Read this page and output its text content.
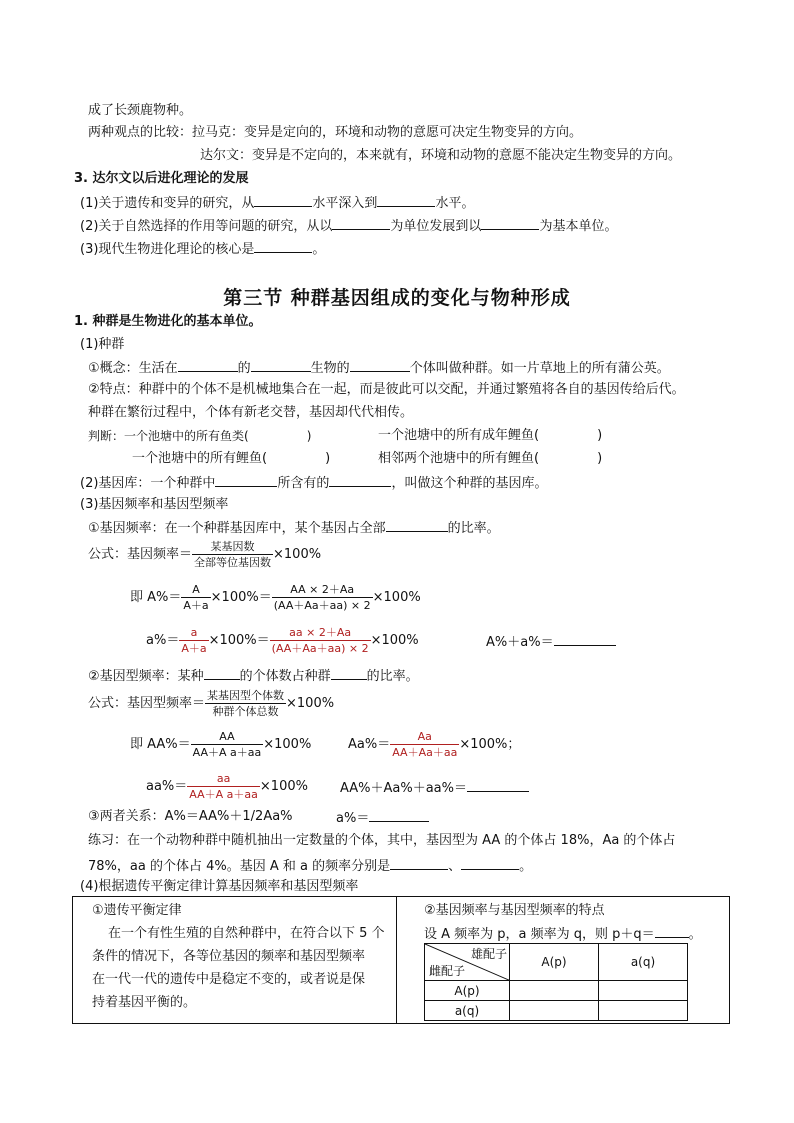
成了长颈鹿物种。
两种观点的比较：拉马克：变异是定向的，环境和动物的意愿可决定生物变异的方向。
达尔文：变异是不定向的，本来就有，环境和动物的意愿不能决定生物变异的方向。
3. 达尔文以后进化理论的发展
(1)关于遗传和变异的研究，从	水平深入到	水平。
(2)关于自然选择的作用等问题的研究，从以	为单位发展到以	为基本单位。
(3)现代生物进化理论的核心是	。
第三节 种群基因组成的变化与物种形成
1. 种群是生物进化的基本单位。
(1)种群
①概念：生活在	的	生物的	个体叫做种群。如一片草地上的所有蒲公英。
②特点：种群中的个体不是机械地集合在一起，而是彼此可以交配，并通过繁殖将各自的基因传给后代。
种群在繁衍过程中，个体有新老交替，基因却代代相传。
判断：一个池塘中的所有鱼类(	)	一个池塘中的所有成年鲤鱼(	)
一个池塘中的所有鲤鱼(	)	相邻两个池塘中的所有鲤鱼(	)
(2)基因库：一个种群中	所含有的	，叫做这个种群的基因库。
(3)基因频率和基因型频率
①基因频率：在一个种群基因库中，某个基因占全部	的比率。
公式：基因频率＝ $\frac{\text{某基因数}}{\text{全部等位基因数}} \times 100\%$
即 $A\%= \frac{A}{A+a} \times 100\%= \frac{AA \times 2+Aa}{(AA+Aa+aa) \times 2} \times 100\%$
$a\%= \frac{a}{A+a} \times 100\%= \frac{aa \times 2+Aa}{(AA+Aa+aa) \times 2} \times 100\%$	A%＋a%＝
②基因型频率：某种	的个体数占种群	的比率。
公式：基因型频率＝ $\frac{\text{某基因型个体数}}{\text{种群个体总数}} \times 100\%$
即 $AA\%= \frac{AA}{\text{AA＋A a＋aa}} \times 100\%$	$Aa\%= \frac{Aa}{AA+Aa+aa} \times 100\%$；
$aa\%= \frac{aa}{\text{AA＋A a＋aa}} \times 100\%$ AA%＋Aa%＋aa%＝
③两者关系：A%＝AA%＋1/2Aa%	a%＝
练习：在一个动物种群中随机抽出一定数量的个体，其中，基因型为 AA 的个体占 18%，Aa 的个体占
78%，aa 的个体占 4%。基因 A 和 a 的频率分别是	、	。
(4)根据遗传平衡定律计算基因频率和基因型频率
①遗传平衡定律
在一个有性生殖的自然种群中，在符合以下 5 个
条件的情况下，各等位基因的频率和基因型频率
在一代一代的遗传中是稳定不变的，或者说是保
持着基因平衡的。
②基因频率与基因型频率的特点
设 A 频率为 p，a 频率为 q，则 p＋q＝	。
雄配子
雌配子	A(p)	a(q)
A(p)		
a(q)		
